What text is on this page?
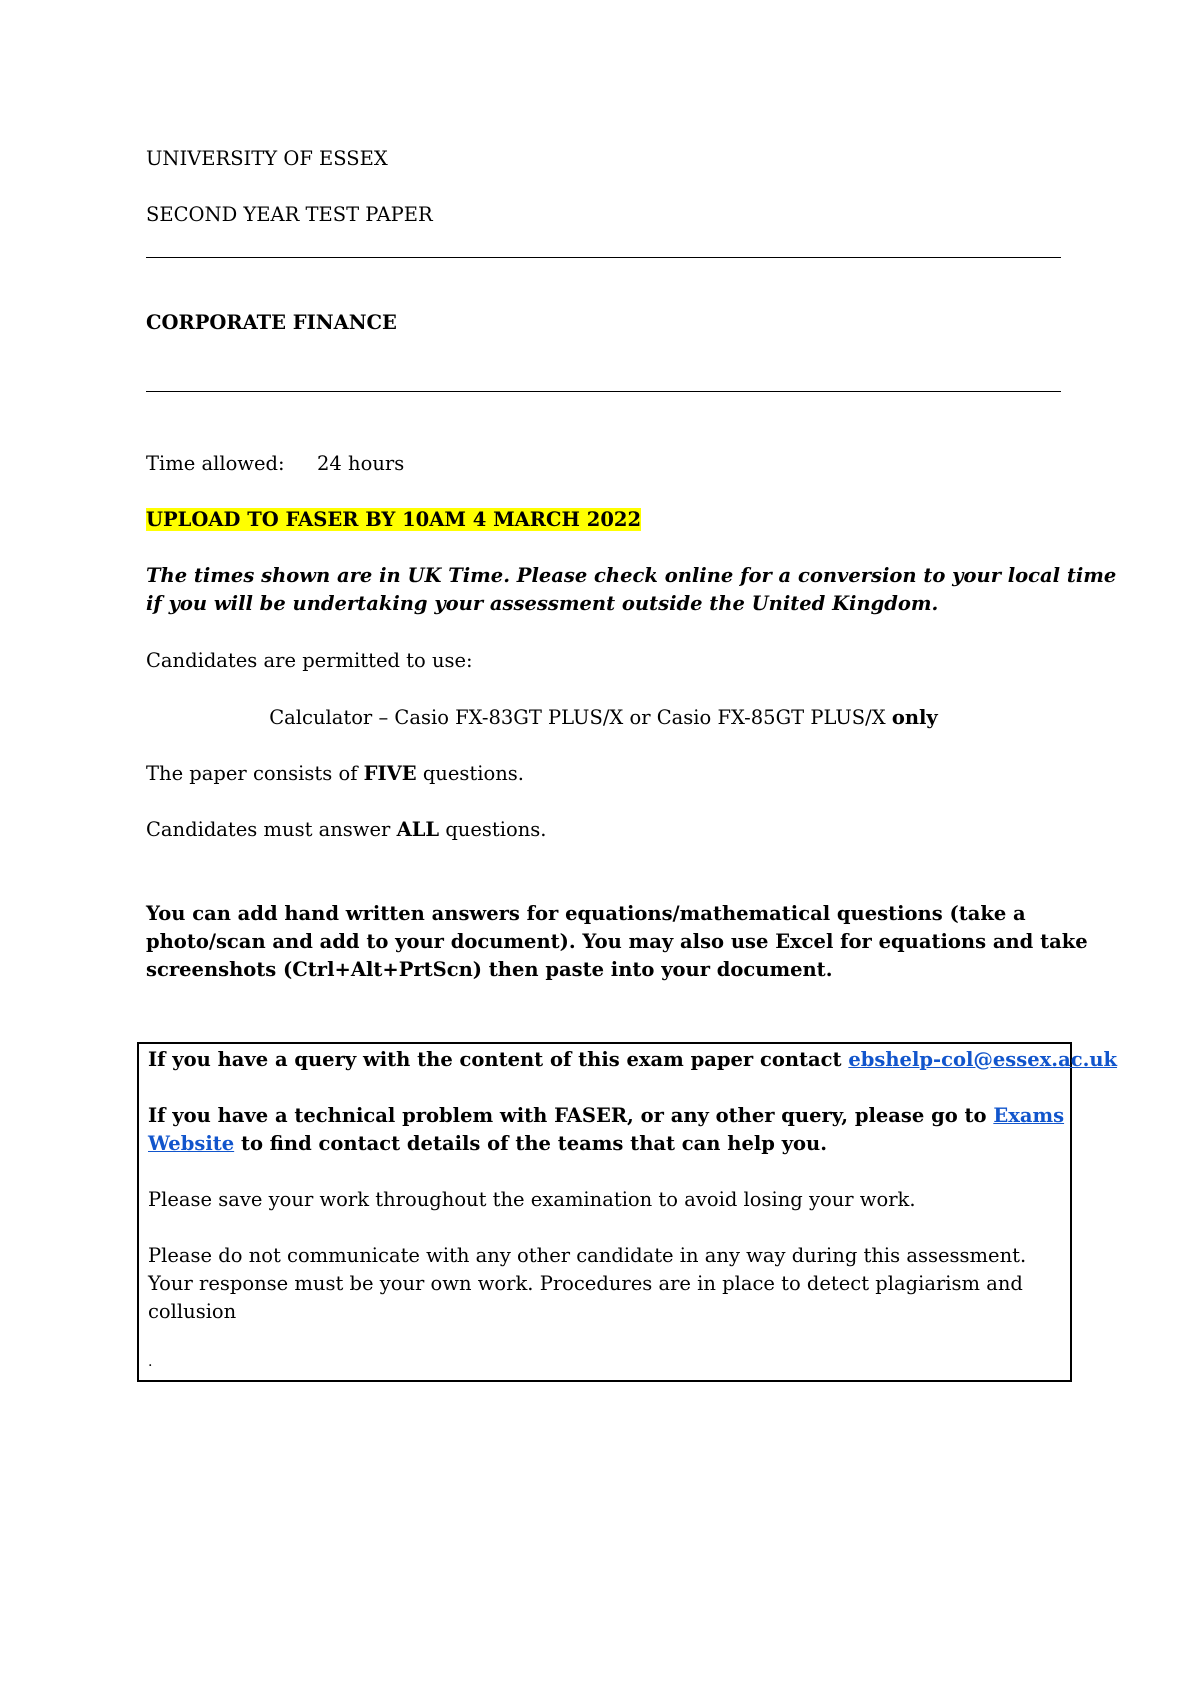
UNIVERSITY OF ESSEX
SECOND YEAR TEST PAPER
CORPORATE FINANCE
Time allowed: 24 hours
UPLOAD TO FASER BY 10AM 4 MARCH 2022
The times shown are in UK Time. Please check online for a conversion to your local time
if you will be undertaking your assessment outside the United Kingdom.
Candidates are permitted to use:
Calculator – Casio FX-83GT PLUS/X or Casio FX-85GT PLUS/X only
The paper consists of FIVE questions.
Candidates must answer ALL questions.
You can add hand written answers for equations/mathematical questions (take a
photo/scan and add to your document). You may also use Excel for equations and take
screenshots (Ctrl+Alt+PrtScn) then paste into your document.
If you have a query with the content of this exam paper contact ebshelp-col@essex.ac.uk
If you have a technical problem with FASER, or any other query, please go to Exams
Website to find contact details of the teams that can help you.
Please save your work throughout the examination to avoid losing your work.
Please do not communicate with any other candidate in any way during this assessment.
Your response must be your own work. Procedures are in place to detect plagiarism and
collusion
.
